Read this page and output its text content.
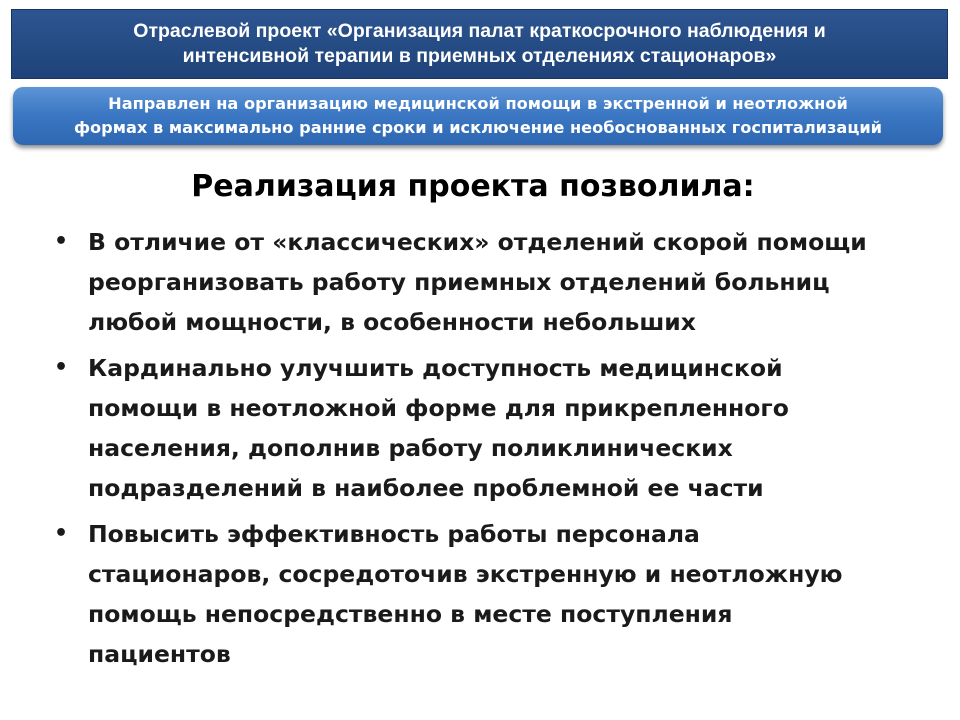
Отраслевой проект «Организация палат краткосрочного наблюдения и
интенсивной терапии в приемных отделениях стационаров»
Направлен на организацию медицинской помощи в экстренной и неотложной
формах в максимально ранние сроки и исключение необоснованных госпитализаций
Реализация проекта позволила:
• В отличие от «классических» отделений скорой помощи
реорганизовать работу приемных отделений больниц
любой мощности, в особенности небольших
• Кардинально улучшить доступность медицинской
помощи в неотложной форме для прикрепленного
населения, дополнив работу поликлинических
подразделений в наиболее проблемной ее части
• Повысить эффективность работы персонала
стационаров, сосредоточив экстренную и неотложную
помощь непосредственно в месте поступления
пациентов
